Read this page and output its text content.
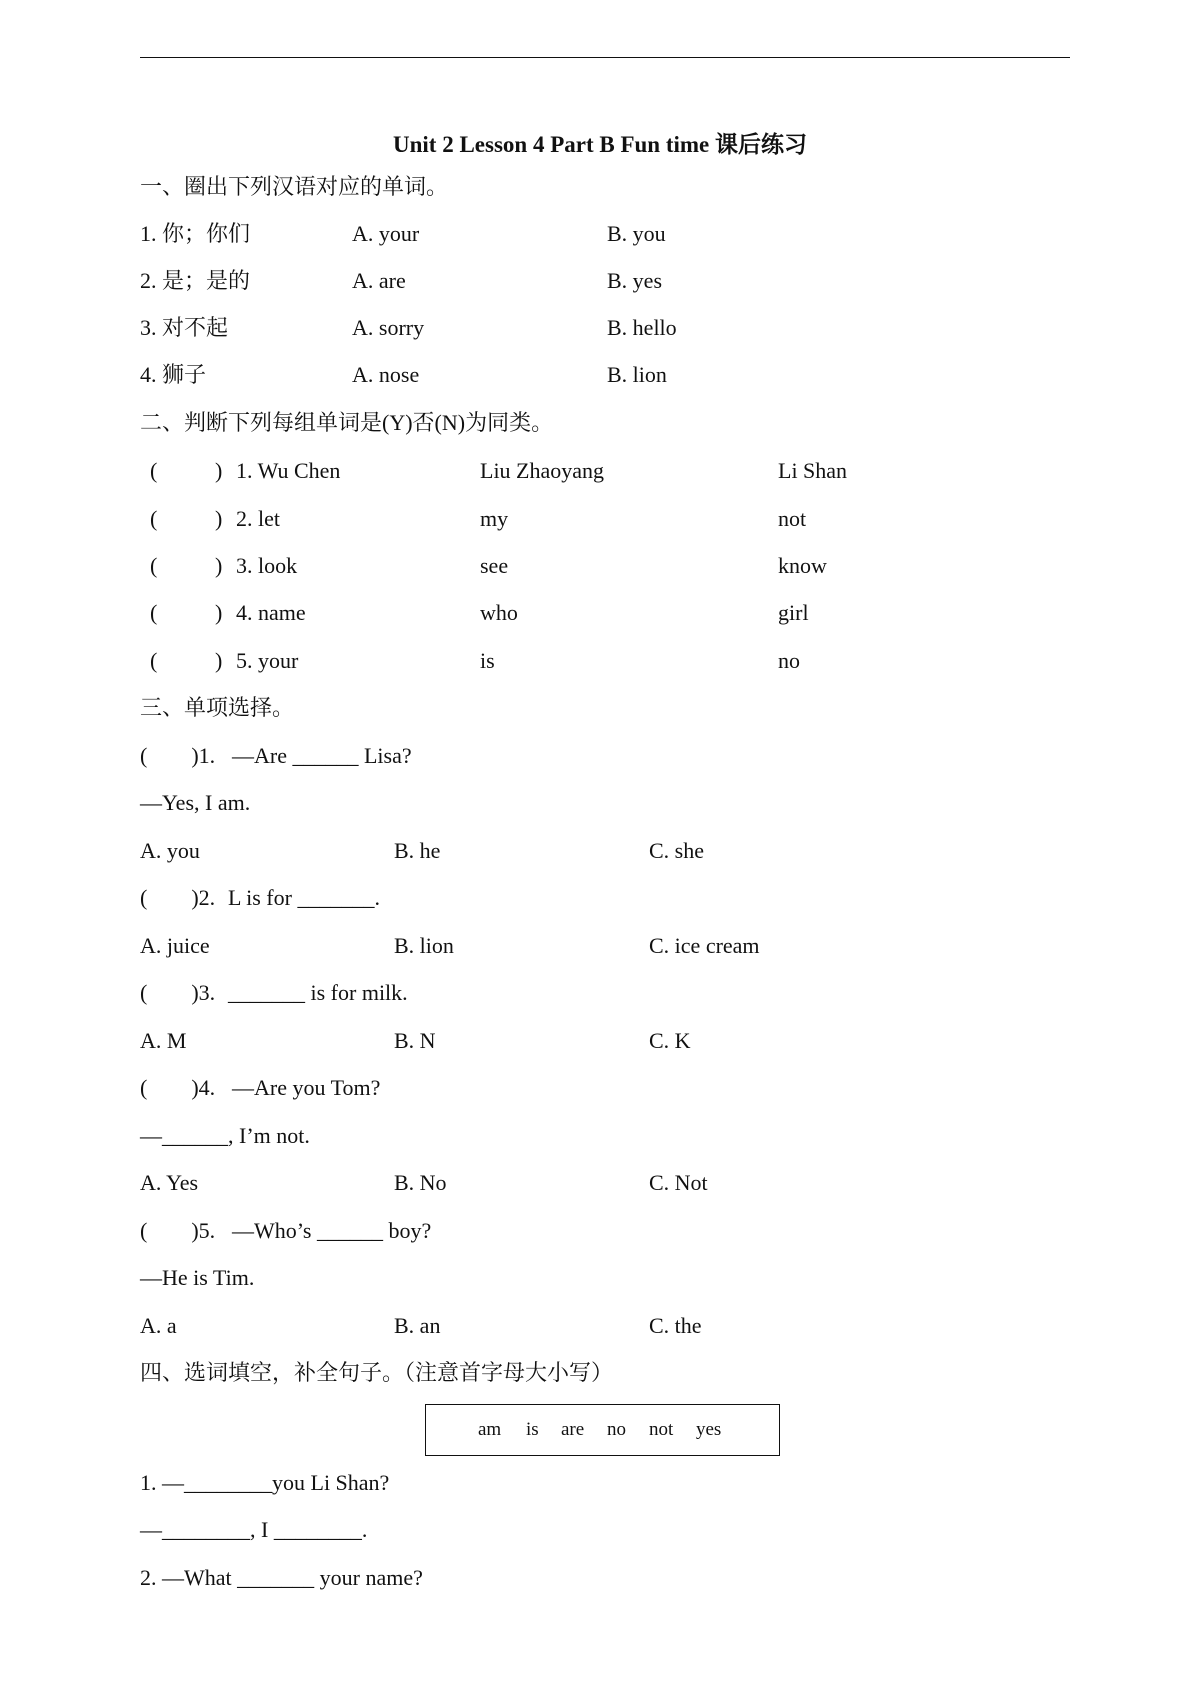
Unit 2 Lesson 4 Part B Fun time 课后练习
一、圈出下列汉语对应的单词。
1. 你；你们	A. your	B. you
2. 是；是的	A. are	B. yes
3. 对不起	A. sorry	B. hello
4. 狮子	A. nose	B. lion
二、判断下列每组单词是(Y)否(N)为同类。
(	) 1. Wu Chen	Liu Zhaoyang	Li Shan
(	) 2. let	my	not
(	) 3. look	see	know
(	) 4. name	who	girl
(	) 5. your	is	no
三、单项选择。
(        )1. —Are ______ Lisa?
—Yes, I am.
A. you	B. he	C. she
(        )2. L is for _______.
A. juice	B. lion	C. ice cream
(        )3. _______ is for milk.
A. M	B. N	C. K
(        )4. —Are you Tom?
—______, I’m not.
A. Yes	B. No	C. Not
(        )5. —Who’s ______ boy?
—He is Tim.
A. a	B. an	C. the
四、选词填空，补全句子。（注意首字母大小写）
am is are no not yes
1. —________you Li Shan?
—________, I ________.
2. —What _______ your name?
